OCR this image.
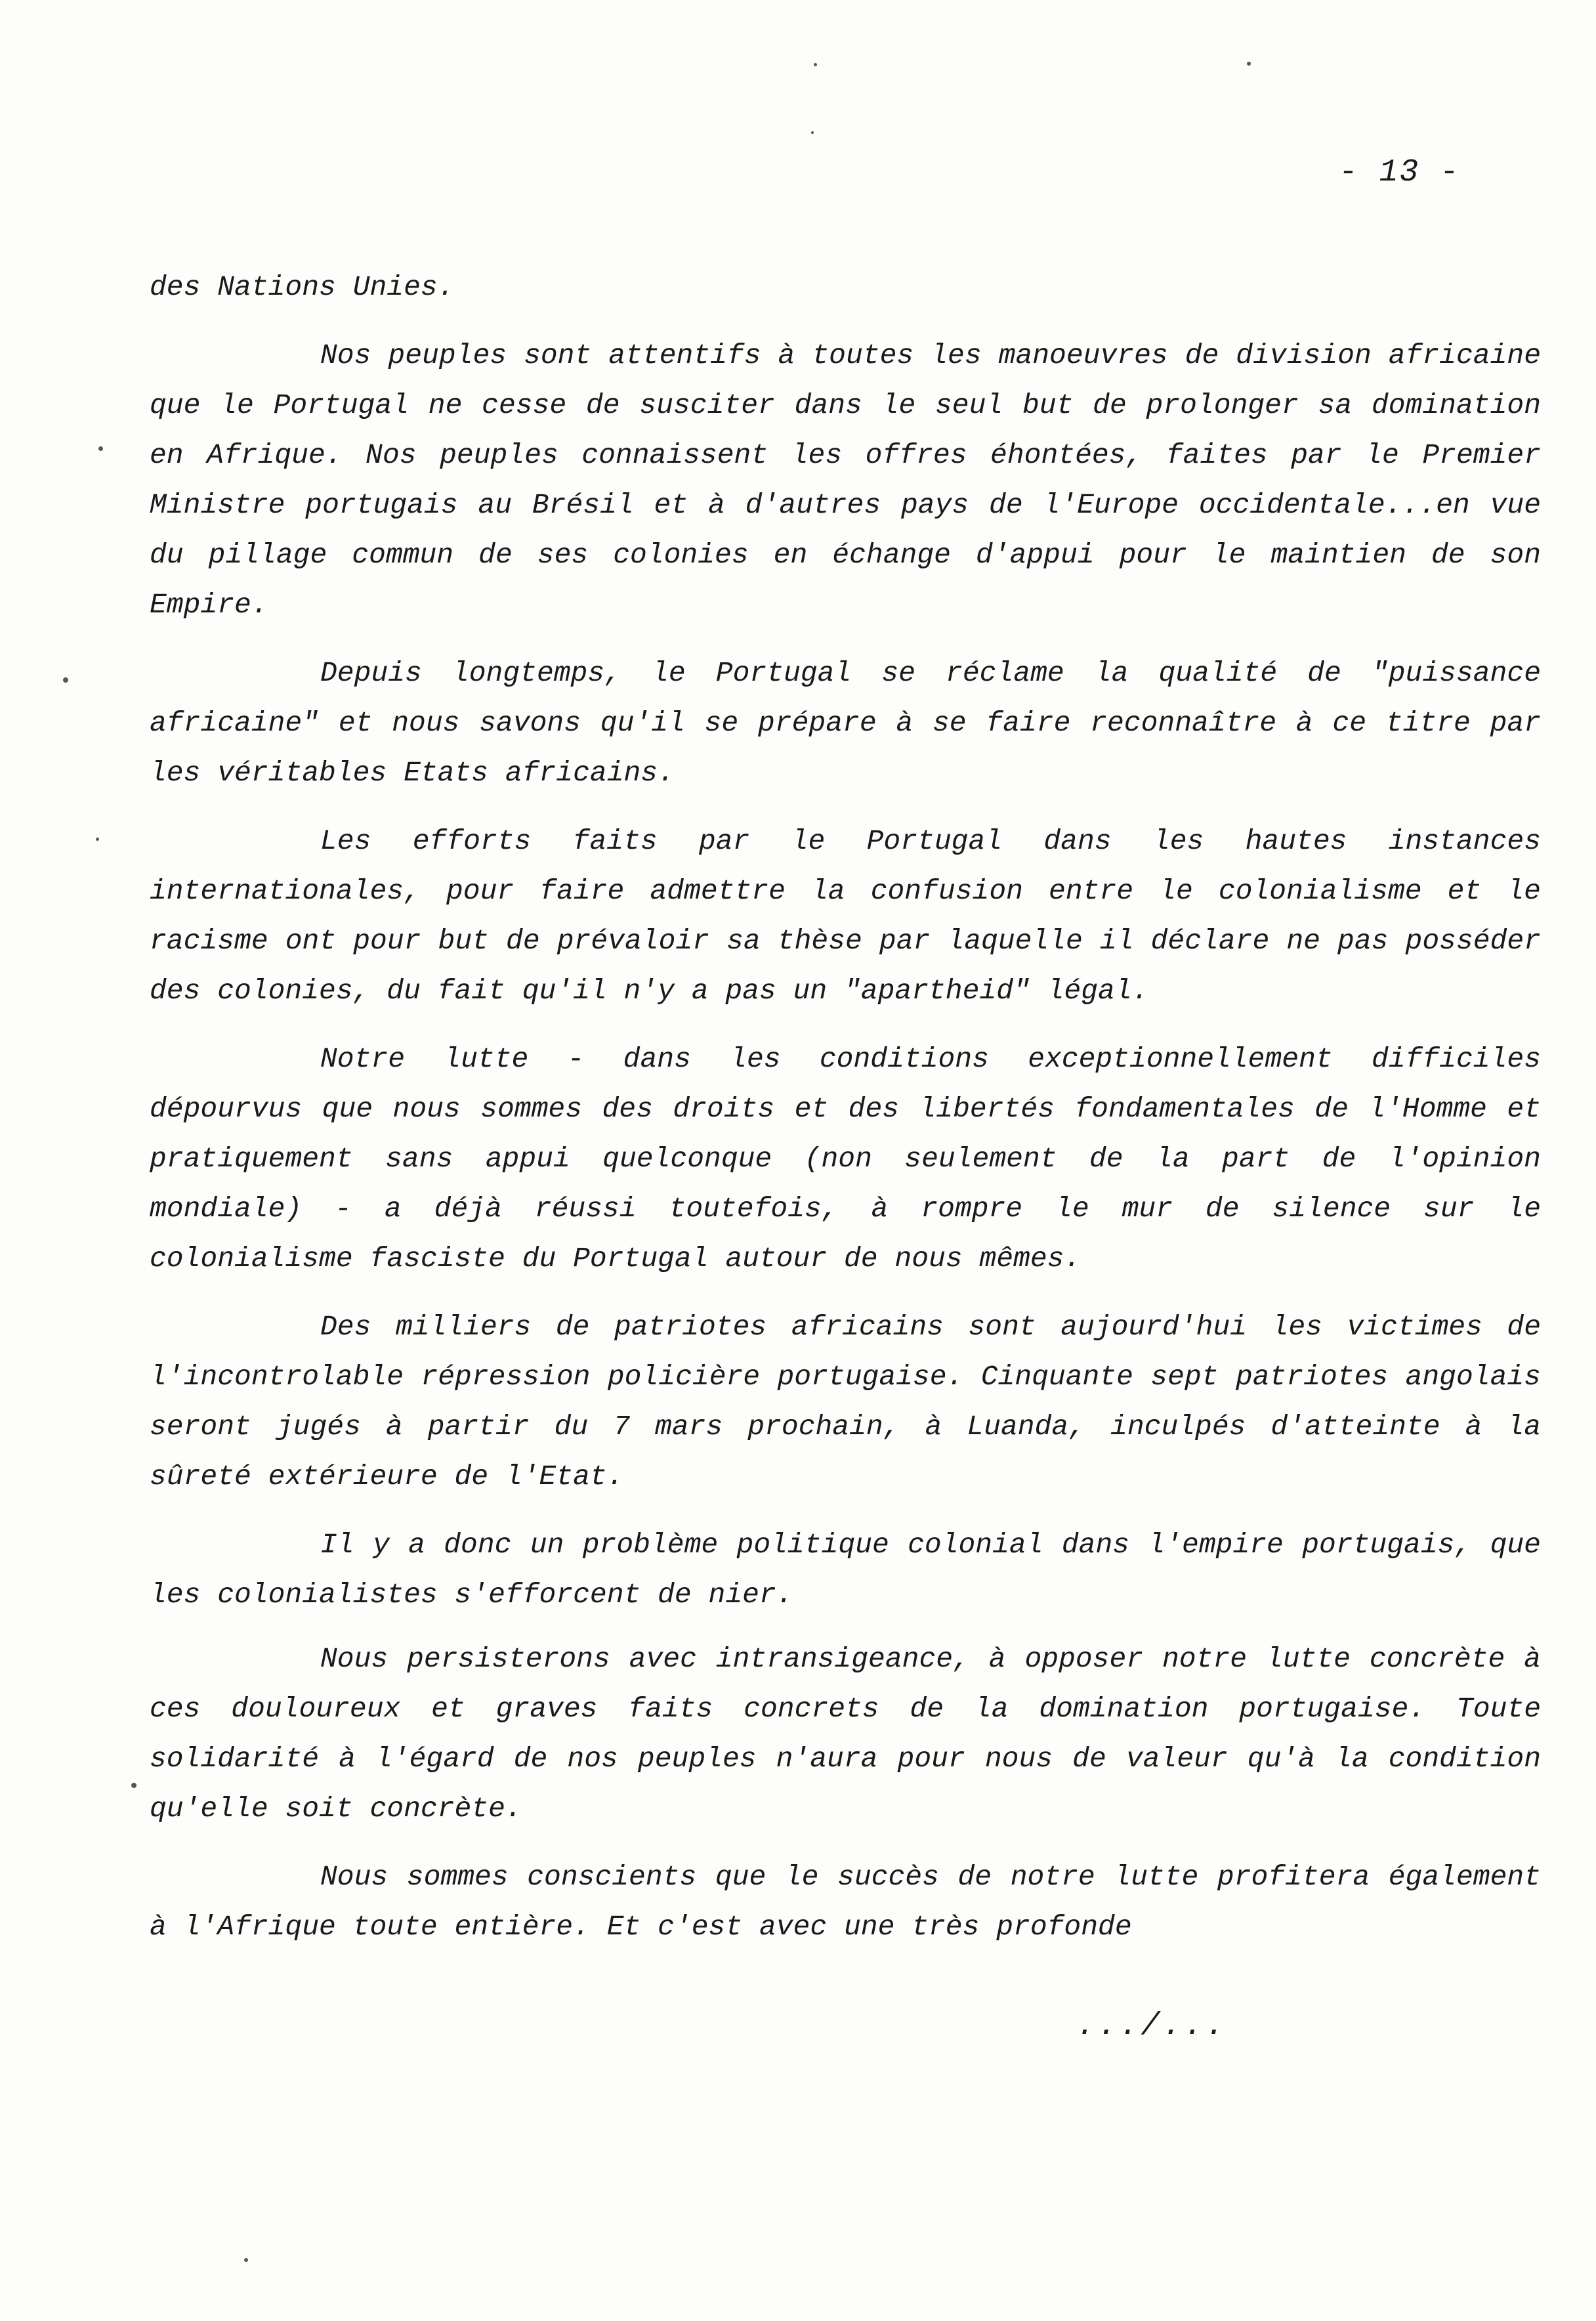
- 13 -

des Nations Unies.

Nos peuples sont attentifs à toutes les manoeuvres de division africaine que le Portugal ne cesse de susciter dans le seul but de prolonger sa domination en Afrique. Nos peuples connaissent les offres éhontées, faites par le Premier Ministre portugais au Brésil et à d'autres pays de l'Europe occidentale...en vue du pillage commun de ses colonies en échange d'appui pour le maintien de son Empire.

Depuis longtemps, le Portugal se réclame la qualité de "puissance africaine" et nous savons qu'il se prépare à se faire reconnaître à ce titre par les véritables Etats africains.

Les efforts faits par le Portugal dans les hautes instances internationales, pour faire admettre la confusion entre le colonialisme et le racisme ont pour but de prévaloir sa thèse par laquelle il déclare ne pas posséder des colonies, du fait qu'il n'y a pas un "apartheid" légal.

Notre lutte - dans les conditions exceptionnellement difficiles dépourvus que nous sommes des droits et des libertés fondamentales de l'Homme et pratiquement sans appui quelconque (non seulement de la part de l'opinion mondiale) - a déjà réussi toutefois, à rompre le mur de silence sur le colonialisme fasciste du Portugal autour de nous mêmes.

Des milliers de patriotes africains sont aujourd'hui les victimes de l'incontrolable répression policière portugaise. Cinquante sept patriotes angolais seront jugés à partir du 7 mars prochain, à Luanda, inculpés d'atteinte à la sûreté extérieure de l'Etat.

Il y a donc un problème politique colonial dans l'empire portugais, que les colonialistes s'efforcent de nier.

Nous persisterons avec intransigeance, à opposer notre lutte concrète à ces douloureux et graves faits concrets de la domination portugaise. Toute solidarité à l'égard de nos peuples n'aura pour nous de valeur qu'à la condition qu'elle soit concrète.

Nous sommes conscients que le succès de notre lutte profitera également à l'Afrique toute entière. Et c'est avec une très profonde

.../...
